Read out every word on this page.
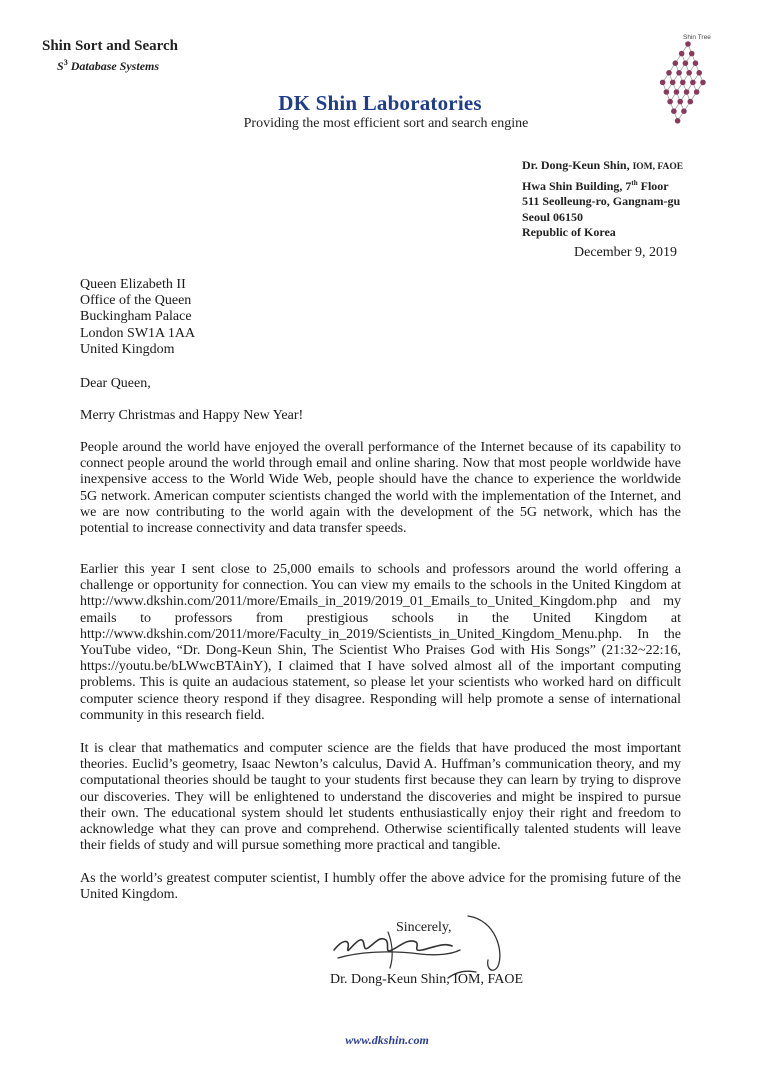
Shin Sort and Search
$S^3$ Database Systems
DK Shin Laboratories
Providing the most efficient sort and search engine
Shin Tree
Dr. Dong-Keun Shin, IOM, FAOE
Hwa Shin Building, 7th Floor
511 Seolleung-ro, Gangnam-gu
Seoul 06150
Republic of Korea
December 9, 2019
Queen Elizabeth II
Office of the Queen
Buckingham Palace
London SW1A 1AA
United Kingdom
Dear Queen,
Merry Christmas and Happy New Year!
People around the world have enjoyed the overall performance of the Internet because of its capability to connect people around the world through email and online sharing. Now that most people worldwide have inexpensive access to the World Wide Web, people should have the chance to experience the worldwide 5G network. American computer scientists changed the world with the implementation of the Internet, and we are now contributing to the world again with the development of the 5G network, which has the potential to increase connectivity and data transfer speeds.
Earlier this year I sent close to 25,000 emails to schools and professors around the world offering a challenge or opportunity for connection. You can view my emails to the schools in the United Kingdom at http://www.dkshin.com/2011/more/Emails_in_2019/2019_01_Emails_to_United_Kingdom.php and my emails to professors from prestigious schools in the United Kingdom at http://www.dkshin.com/2011/more/Faculty_in_2019/Scientists_in_United_Kingdom_Menu.php. In the YouTube video, “Dr. Dong-Keun Shin, The Scientist Who Praises God with His Songs” (21:32~22:16, https://youtu.be/bLWwcBTAinY), I claimed that I have solved almost all of the important computing problems. This is quite an audacious statement, so please let your scientists who worked hard on difficult computer science theory respond if they disagree. Responding will help promote a sense of international community in this research field.
It is clear that mathematics and computer science are the fields that have produced the most important theories. Euclid’s geometry, Isaac Newton’s calculus, David A. Huffman’s communication theory, and my computational theories should be taught to your students first because they can learn by trying to disprove our discoveries. They will be enlightened to understand the discoveries and might be inspired to pursue their own. The educational system should let students enthusiastically enjoy their right and freedom to acknowledge what they can prove and comprehend. Otherwise scientifically talented students will leave their fields of study and will pursue something more practical and tangible.
As the world’s greatest computer scientist, I humbly offer the above advice for the promising future of the United Kingdom.
Sincerely,
Dr. Dong-Keun Shin, IOM, FAOE
www.dkshin.com
